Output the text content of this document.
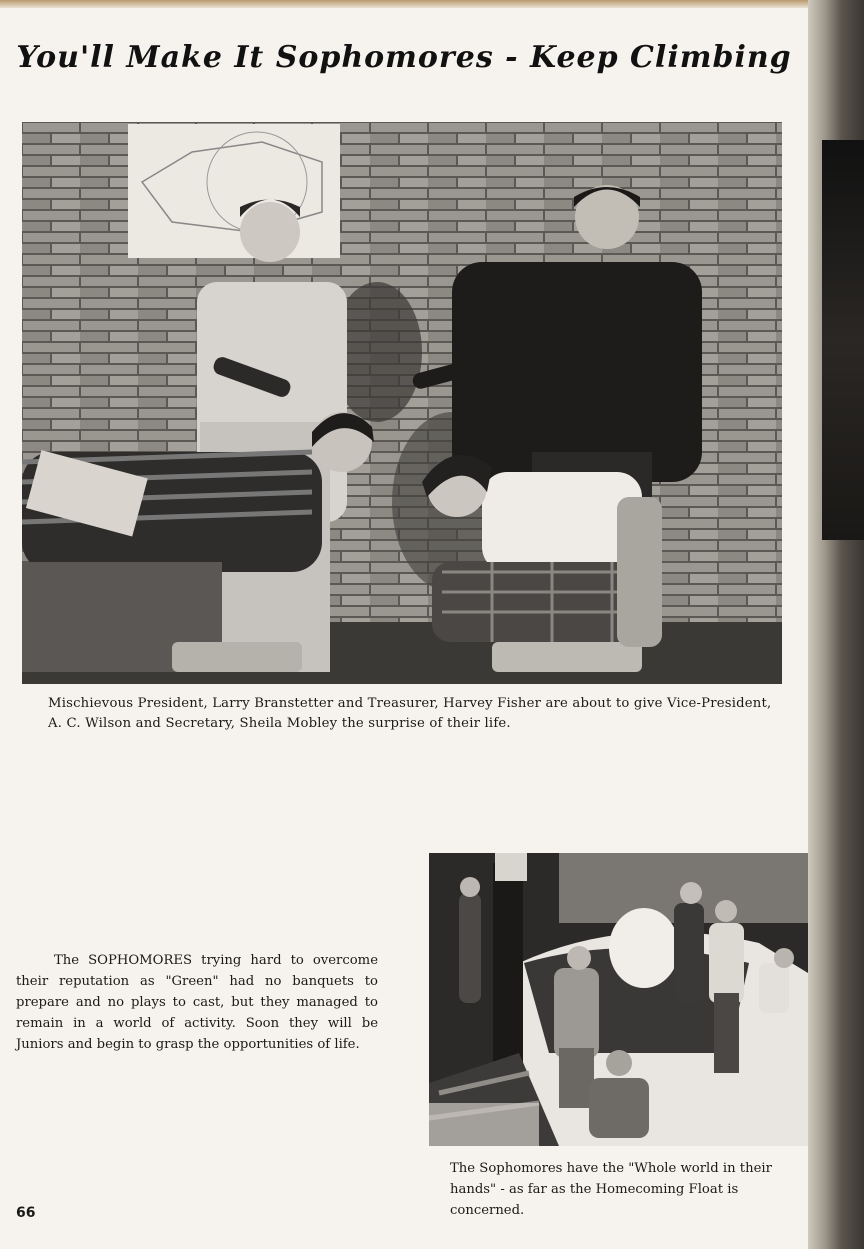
You'll Make It Sophomores - Keep Climbing
Mischievous President, Larry Branstetter and Treasurer, Harvey Fisher are about to give Vice-President, A. C. Wilson and Secretary, Sheila Mobley the surprise of their life.
The SOPHOMORES trying hard to overcome their reputation as "Green" had no banquets to prepare and no plays to cast, but they managed to remain in a world of activity. Soon they will be Juniors and begin to grasp the opportunities of life.
The Sophomores have the "Whole world in their hands" - as far as the Homecoming Float is concerned.
66
